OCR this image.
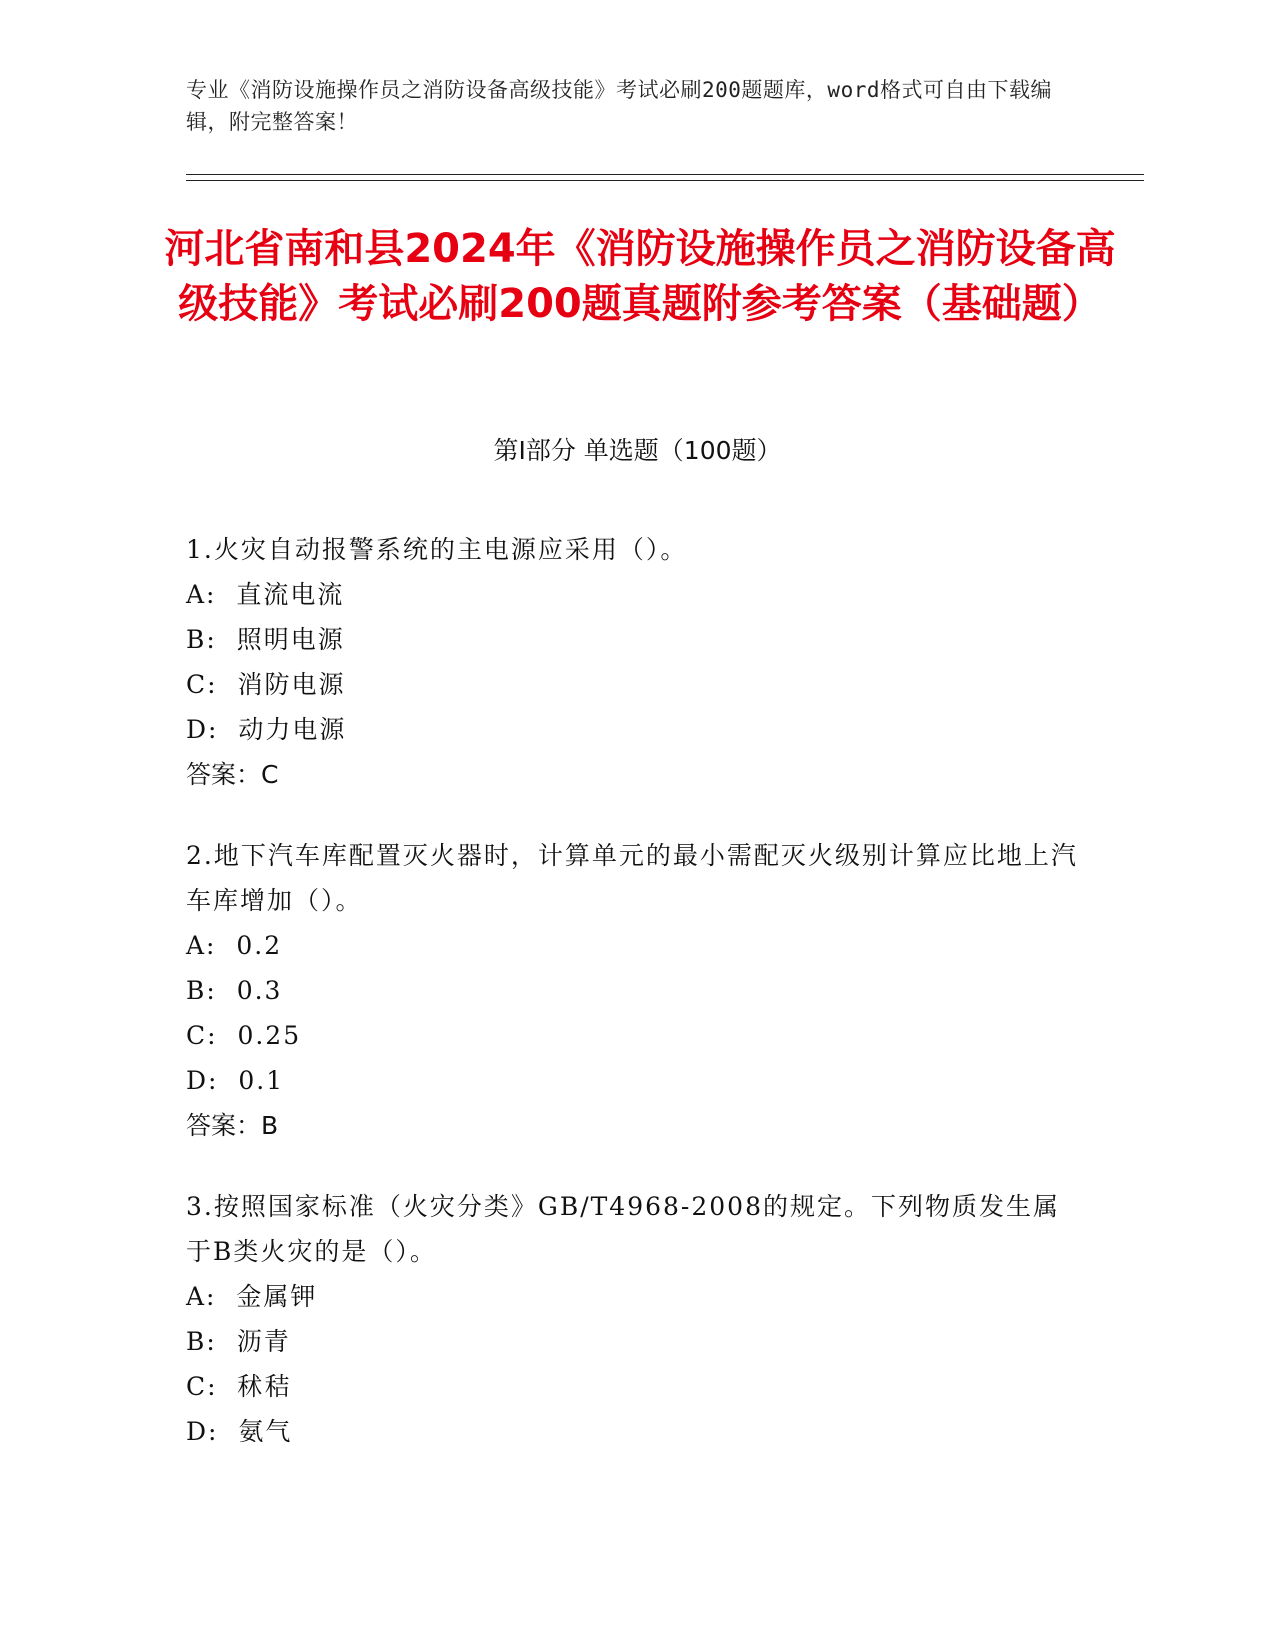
专业《消防设施操作员之消防设备高级技能》考试必刷200题题库，word格式可自由下载编辑，附完整答案！
河北省南和县2024年《消防设施操作员之消防设备高级技能》考试必刷200题真题附参考答案（基础题）
第Ⅰ部分 单选题（100题）
1.火灾自动报警系统的主电源应采用（）。
A:  直流电流
B:  照明电源
C:  消防电源
D:  动力电源
答案：C
2.地下汽车库配置灭火器时，计算单元的最小需配灭火级别计算应比地上汽车库增加（）。
A:  0.2
B:  0.3
C:  0.25
D:  0.1
答案：B
3.按照国家标准（火灾分类》GB/T4968-2008的规定。下列物质发生属于B类火灾的是（）。
A:  金属钾
B:  沥青
C:  秫秸
D:  氨气
